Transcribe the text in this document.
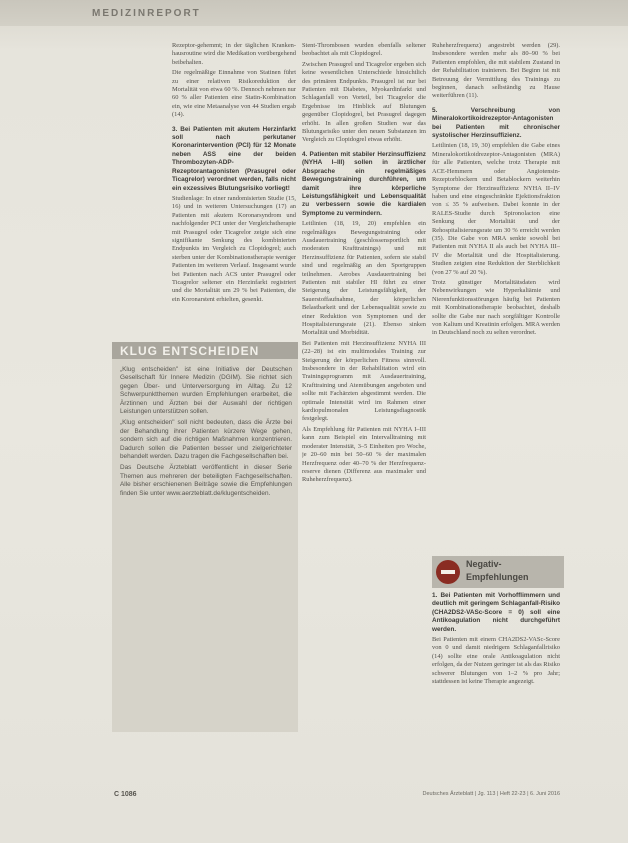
MEDIZINREPORT

Rezeptor-gehemmt; in der täglichen Krankenhausroutine wird die Medikation vorübergehend beibehalten.

Die regelmäßige Einnahme von Statinen führt zu einer relativen Risikoreduktion der Mortalität von etwa 60 %. Dennoch nehmen nur 60 % aller Patienten eine Statin-Kombination ein, wie eine Metaanalyse von 44 Studien ergab (14).

3. Bei Patienten mit akutem Herzinfarkt soll nach perkutaner Koronarintervention (PCI) für 12 Monate neben ASS eine der beiden Thrombozyten-ADP-Rezeptorantagonisten (Prasugrel oder Ticagrelor) verordnet werden, falls nicht ein exzessives Blutungsrisiko vorliegt!

Studienlage: In einer randomisierten Studie (15, 16) und in weiteren Untersuchungen (17) an Patienten mit akutem Koronarsyndrom und nachfolgender PCI unter der Vergleichstherapie mit Prasugrel oder Ticagrelor zeigte sich eine signifikante Senkung des kombinierten Endpunkts im Vergleich zu Clopidogrel; auch sterben unter der Kombinationstherapie weniger Patienten im weiteren Verlauf. Insgesamt wurde bei Patienten nach ACS unter Prasugrel oder Ticagrelor seltener ein Herzinfarkt registriert und die Mortalität um 29 % bei Patienten, die ein Koronarstent erhielten, gesenkt.

Stent-Thrombosen wurden ebenfalls seltener beobachtet als mit Clopidogrel.

Zwischen Prasugrel und Ticagrelor ergeben sich keine wesentlichen Unterschiede hinsichtlich des primären Endpunkts. Prasugrel ist nur bei Patienten mit Diabetes, Myokardinfarkt und Schlaganfall von Vorteil, bei Ticagrelor die Ergebnisse im Hinblick auf Blutungen gegenüber Clopidogrel, bei Prasugrel dagegen erhöht. In allen großen Studien war das Blutungsrisiko unter den neuen Substanzen im Vergleich zu Clopidogrel etwas erhöht.

4. Patienten mit stabiler Herzinsuffizienz (NYHA I–III) sollen in ärztlicher Absprache ein regelmäßiges Bewegungstraining durchführen, um damit ihre körperliche Leistungsfähigkeit und Lebensqualität zu verbessern sowie die kardialen Symptome zu vermindern.

Leitlinien (18, 19, 20) empfehlen ein regelmäßiges Bewegungstraining oder Ausdauertraining (geschlossensportlich mit moderaten Krafttrainings) und mit Herzinsuffizienz für Patienten, sofern sie stabil sind und regelmäßig an den Sportgruppen teilnehmen. Aerobes Ausdauertraining bei Patienten mit stabiler HI führt zu einer Steigerung der Leistungsfähigkeit, der Sauerstoffaufnahme, der körperlichen Belastbarkeit und der Lebensqualität sowie zu einer Reduktion von Symptomen und der Hospitalisierungsrate (21). Ebenso sinken Mortalität und Morbidität.

Bei Patienten mit Herzinsuffizienz NYHA III (22–28) ist ein multimodales Training zur Steigerung der körperlichen Fitness sinnvoll. Insbesondere in der Rehabilitation wird ein Trainingsprogramm mit Ausdauertraining, Krafttraining und Atemübungen angeboten und sollte mit Fachärzten abgestimmt werden. Die optimale Intensität wird im Rahmen einer kardiopulmonalen Leistungsdiagnostik festgelegt.

Als Empfehlung für Patienten mit NYHA I–III kann zum Beispiel ein Intervalltraining mit moderater Intensität, 3–5 Einheiten pro Woche, je 20–60 min bei 50–60 % der maximalen Herzfrequenz oder 40–70 % der Herzfrequenzreserve dienen (Differenz aus maximaler und Ruheherzfrequenz).

Ruheherzfrequenz) angestrebt werden (29). Insbesondere werden mehr als 80–90 % bei Patienten empfohlen, die mit stabilem Zustand in der Rehabilitation trainieren. Bei Beginn ist mit Betreuung der Vermittlung des Trainings zu beginnen, danach selbständig zu Hause weiterführen (11).

5. Verschreibung von Mineralokortikoidrezeptor-Antagonisten bei Patienten mit chronischer systolischer Herzinsuffizienz.

Leitlinien (18, 19, 30) empfehlen die Gabe eines Mineralokortikoidrezeptor-Antagonisten (MRA) für alle Patienten, welche trotz Therapie mit ACE-Hemmern oder Angiotensin-Rezeptorblockern und Betablockern weiterhin Symptome der Herzinsuffizienz NYHA II–IV haben und eine eingeschränkte Ejektionsfraktion von ≤ 35 % aufweisen. Dabei konnte in der RALES-Studie durch Spironolacton eine Senkung der Mortalität und der Rehospitalisierungsrate um 30 % erreicht werden (35). Die Gabe von MRA senkte sowohl bei Patienten mit NYHA II als auch bei NYHA III–IV die Mortalität und die Hospitalisierung. Studien zeigten eine Reduktion der Sterblichkeit (von 27 % auf 20 %).

Trotz günstiger Mortalitätsdaten wird Nebenwirkungen wie Hyperkaliämie und Nierenfunktionsstörungen häufig bei Patienten mit Kombinationstherapie beobachtet, deshalb sollte die Gabe nur nach sorgfältiger Kontrolle von Kalium und Kreatinin erfolgen. MRA werden in Deutschland noch zu selten verordnet.

KLUG ENTSCHEIDEN

„Klug entscheiden" ist eine Initiative der Deutschen Gesellschaft für Innere Medizin (DGIM). Sie richtet sich gegen Über- und Unterversorgung im Alltag. Zu 12 Schwerpunktthemen wurden Empfehlungen erarbeitet, die Ärztinnen und Ärzten bei der Auswahl der richtigen Leistungen unterstützen sollen.

„Klug entscheiden" soll nicht bedeuten, dass die Ärzte bei der Behandlung ihrer Patienten kürzere Wege gehen, sondern sich auf die richtigen Maßnahmen konzentrieren. Dadurch sollen die Patienten besser und zielgerichteter behandelt werden. Dazu tragen die Fachgesellschaften bei.

Das Deutsche Ärzteblatt veröffentlicht in dieser Serie Themen aus mehreren der beteiligten Fachgesellschaften. Alle bisher erschienenen Beiträge sowie die Empfehlungen finden Sie unter www.aerzteblatt.de/klugentscheiden.

Negativ-Empfehlungen

1. Bei Patienten mit Vorhofflimmern und deutlich mit geringem Schlaganfall-Risiko (CHA2DS2-VASc-Score = 0) soll eine Antikoagulation nicht durchgeführt werden.

Bei Patienten mit einem CHA2DS2-VASc-Score von 0 und damit niedrigem Schlaganfallrisiko (14) sollte eine orale Antikoagulation nicht erfolgen, da der Nutzen geringer ist als das Risiko schwerer Blutungen von 1–2 % pro Jahr; stattdessen ist keine Therapie angezeigt.

C 1086	Deutsches Ärzteblatt | Jg. 113 | Heft 22-23 | 6. Juni 2016
